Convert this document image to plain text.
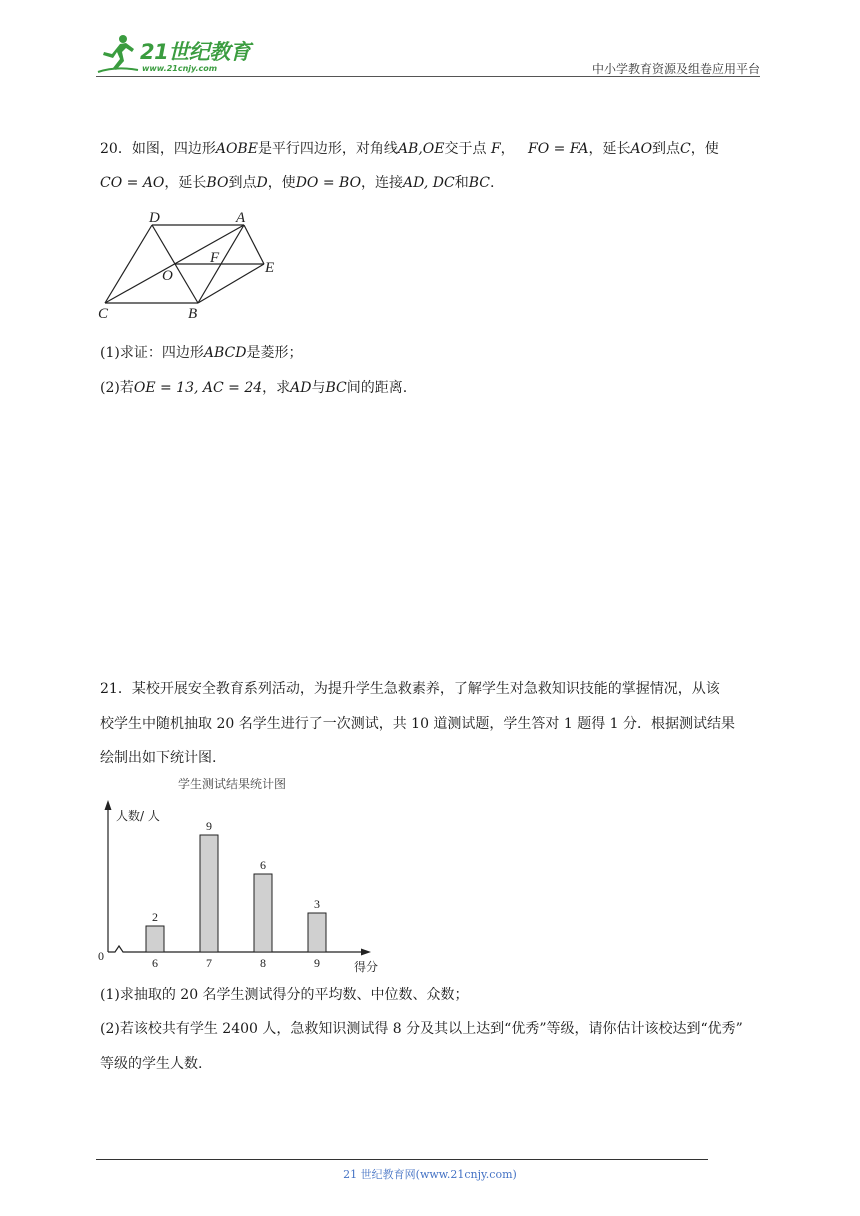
21世纪教育
www.21cnjy.com	中小学教育资源及组卷应用平台
20．如图，四边形AOBE是平行四边形，对角线AB,OE交于点 F， FO = FA，延长AO到点C，使
CO = AO，延长BO到点D，使DO = BO，连接AD, DC和BC.
D	A
F
O	E
C	B
(1)求证：四边形ABCD是菱形；
(2)若OE = 13, AC = 24，求AD与BC间的距离.
21．某校开展安全教育系列活动，为提升学生急救素养，了解学生对急救知识技能的掌握情况，从该
校学生中随机抽取 20 名学生进行了一次测试，共 10 道测试题，学生答对 1 题得 1 分．根据测试结果
绘制出如下统计图.
学生测试结果统计图
人数/ 人
得分
0
2
6
9
7
6
8
3
9
(1)求抽取的 20 名学生测试得分的平均数、中位数、众数；
(2)若该校共有学生 2400 人，急救知识测试得 8 分及其以上达到“优秀”等级，请你估计该校达到“优秀”
等级的学生人数.
21 世纪教育网(www.21cnjy.com)
